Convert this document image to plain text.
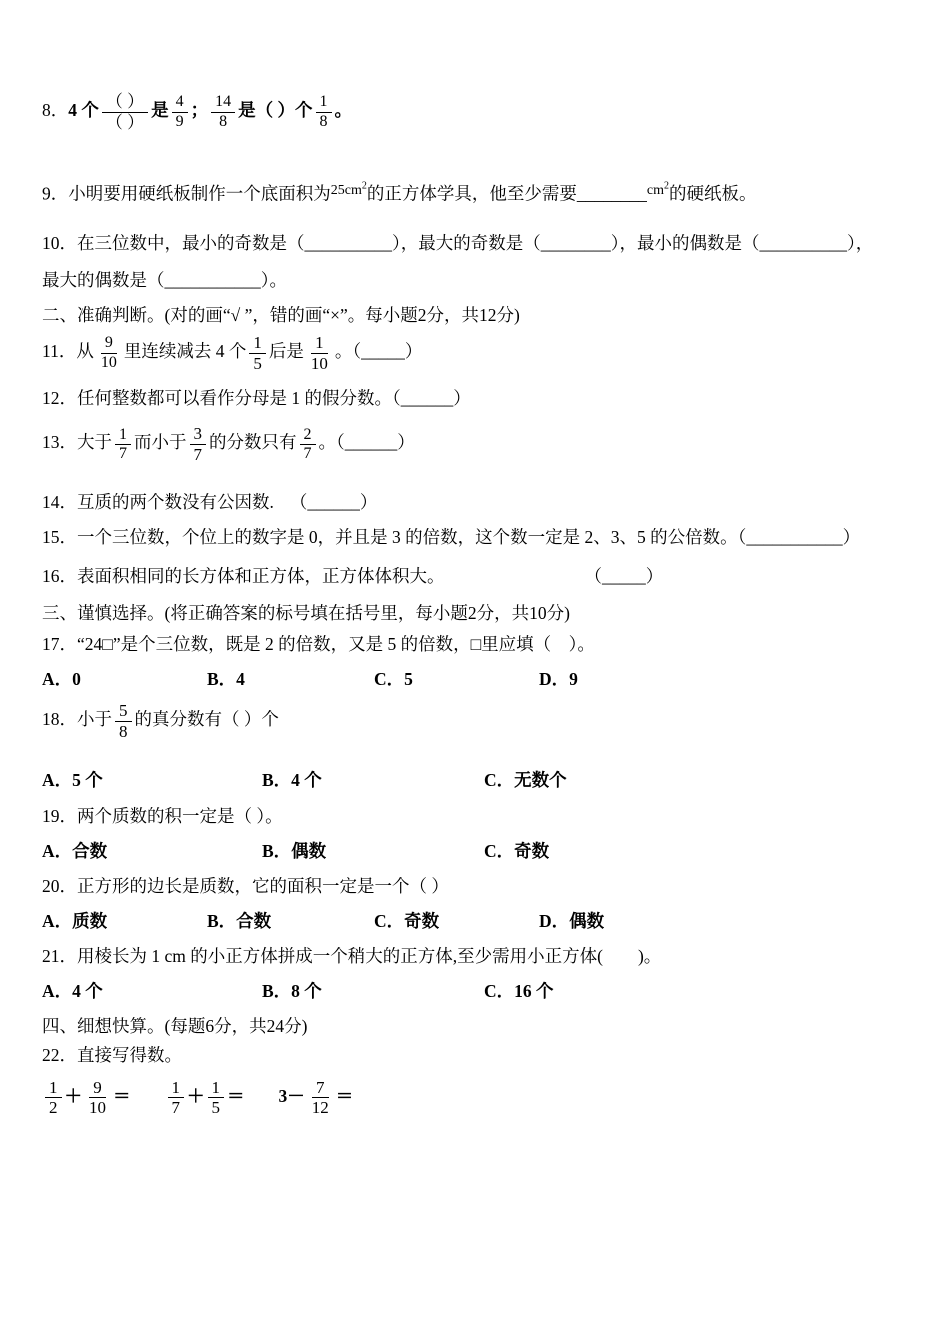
8．4 个 $\frac{( )}{( )}$ 是 $\frac{4}{9}$ ； $\frac{14}{8}$ 是（ ）个 $\frac{1}{8}$ 。
9．小明要用硬纸板制作一个底面积为$^{25cm^2}$的正方体学具，他至少需要________$^{cm^2}$的硬纸板。
10．在三位数中，最小的奇数是（__________），最大的奇数是（________），最小的偶数是（__________），
最大的偶数是（___________）。
二、准确判断。(对的画“√ ”，错的画“×”。每小题2分，共12分)
11．从 $\frac{9}{10}$ 里连续减去 4 个 $\frac{1}{5}$ 后是 $\frac{1}{10}$ 。（_____）
12．任何整数都可以看作分母是 1 的假分数。（______）
13．大于 $\frac{1}{7}$ 而小于 $\frac{3}{7}$ 的分数只有 $\frac{2}{7}$ 。（______）
14．互质的两个数没有公因数. （______）
15．一个三位数，个位上的数字是 0，并且是 3 的倍数，这个数一定是 2、3、5 的公倍数。（___________）
16．表面积相同的长方体和正方体，正方体体积大。	（_____）
三、谨慎选择。(将正确答案的标号填在括号里，每小题2分，共10分)
17．“24□”是个三位数，既是 2 的倍数，又是 5 的倍数，□里应填（　）。
A．0	B．4	C．5	D．9
18．小于 $\frac{5}{8}$ 的真分数有（ ）个
A．5 个	B．4 个	C．无数个
19．两个质数的积一定是（ ）。
A．合数	B．偶数	C．奇数
20．正方形的边长是质数，它的面积一定是一个（ ）
A．质数	B．合数	C．奇数	D．偶数
21．用棱长为 1 cm 的小正方体拼成一个稍大的正方体,至少需用小正方体(　　)。
A．4 个	B．8 个	C．16 个
四、细想快算。(每题6分，共24分)
22．直接写得数。
$\frac{1}{2} + \frac{9}{10} = \frac{1}{7} + \frac{1}{5} = 3- \frac{7}{12}$ ＝
